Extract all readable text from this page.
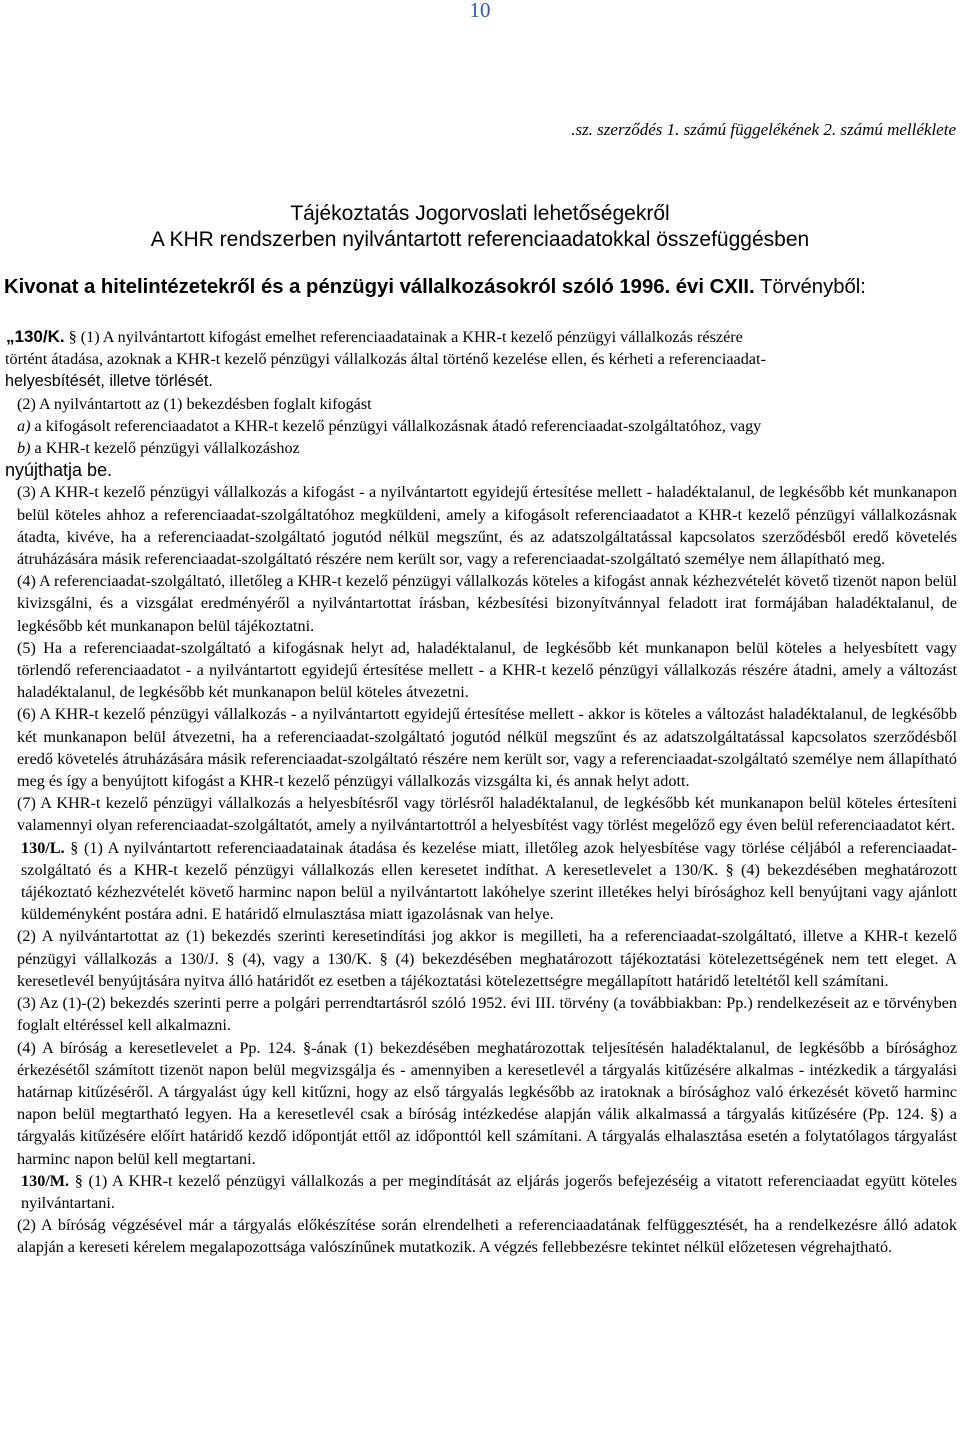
10
.sz. szerződés 1. számú függelékének 2. számú melléklete
Tájékoztatás Jogorvoslati lehetőségekről
A KHR rendszerben nyilvántartott referenciaadatokkal összefüggésben
Kivonat a hitelintézetekről és a pénzügyi vállalkozásokról szóló 1996. évi CXII. Törvényből:

„130/K. § (1) A nyilvántartott kifogást emelhet referenciaadatainak a KHR-t kezelő pénzügyi vállalkozás részére

történt átadása, azoknak a KHR-t kezelő pénzügyi vállalkozás által történő kezelése ellen, és kérheti a referenciaadat-

helyesbítését, illetve törlését.

(2) A nyilvántartott az (1) bekezdésben foglalt kifogást

a) a kifogásolt referenciaadatot a KHR-t kezelő pénzügyi vállalkozásnak átadó referenciaadat-szolgáltatóhoz, vagy

b) a KHR-t kezelő pénzügyi vállalkozáshoz

nyújthatja be.

(3) A KHR-t kezelő pénzügyi vállalkozás a kifogást - a nyilvántartott egyidejű értesítése mellett - haladéktalanul, de legkésőbb két munkanapon belül köteles ahhoz a referenciaadat-szolgáltatóhoz megküldeni, amely a kifogásolt referenciaadatot a KHR-t kezelő pénzügyi vállalkozásnak átadta, kivéve, ha a referenciaadat-szolgáltató jogutód nélkül megszűnt, és az adatszolgáltatással kapcsolatos szerződésből eredő követelés átruházására másik referenciaadat-szolgáltató részére nem került sor, vagy a referenciaadat-szolgáltató személye nem állapítható meg.

(4) A referenciaadat-szolgáltató, illetőleg a KHR-t kezelő pénzügyi vállalkozás köteles a kifogást annak kézhezvételét követő tizenöt napon belül kivizsgálni, és a vizsgálat eredményéről a nyilvántartottat írásban, kézbesítési bizonyítvánnyal feladott irat formájában haladéktalanul, de legkésőbb két munkanapon belül tájékoztatni.

(5) Ha a referenciaadat-szolgáltató a kifogásnak helyt ad, haladéktalanul, de legkésőbb két munkanapon belül köteles a helyesbített vagy törlendő referenciaadatot - a nyilvántartott egyidejű értesítése mellett - a KHR-t kezelő pénzügyi vállalkozás részére átadni, amely a változást haladéktalanul, de legkésőbb két munkanapon belül köteles átvezetni.

(6) A KHR-t kezelő pénzügyi vállalkozás - a nyilvántartott egyidejű értesítése mellett - akkor is köteles a változást haladéktalanul, de legkésőbb két munkanapon belül átvezetni, ha a referenciaadat-szolgáltató jogutód nélkül megszűnt és az adatszolgáltatással kapcsolatos szerződésből eredő követelés átruházására másik referenciaadat-szolgáltató részére nem került sor, vagy a referenciaadat-szolgáltató személye nem állapítható meg és így a benyújtott kifogást a KHR-t kezelő pénzügyi vállalkozás vizsgálta ki, és annak helyt adott.

(7) A KHR-t kezelő pénzügyi vállalkozás a helyesbítésről vagy törlésről haladéktalanul, de legkésőbb két munkanapon belül köteles értesíteni valamennyi olyan referenciaadat-szolgáltatót, amely a nyilvántartottról a helyesbítést vagy törlést megelőző egy éven belül referenciaadatot kért.

130/L. § (1) A nyilvántartott referenciaadatainak átadása és kezelése miatt, illetőleg azok helyesbítése vagy törlése céljából a referenciaadat-szolgáltató és a KHR-t kezelő pénzügyi vállalkozás ellen keresetet indíthat. A keresetlevelet a 130/K. § (4) bekezdésében meghatározott tájékoztató kézhezvételét követő harminc napon belül a nyilvántartott lakóhelye szerint illetékes helyi bírósághoz kell benyújtani vagy ajánlott küldeményként postára adni. E határidő elmulasztása miatt igazolásnak van helye.

(2) A nyilvántartottat az (1) bekezdés szerinti keresetindítási jog akkor is megilleti, ha a referenciaadat-szolgáltató, illetve a KHR-t kezelő pénzügyi vállalkozás a 130/J. § (4), vagy a 130/K. § (4) bekezdésében meghatározott tájékoztatási kötelezettségének nem tett eleget. A keresetlevél benyújtására nyitva álló határidőt ez esetben a tájékoztatási kötelezettségre megállapított határidő leteltétől kell számítani.

(3) Az (1)-(2) bekezdés szerinti perre a polgári perrendtartásról szóló 1952. évi III. törvény (a továbbiakban: Pp.) rendelkezéseit az e törvényben foglalt eltéréssel kell alkalmazni.

(4) A bíróság a keresetlevelet a Pp. 124. §-ának (1) bekezdésében meghatározottak teljesítésén haladéktalanul, de legkésőbb a bírósághoz érkezésétől számított tizenöt napon belül megvizsgálja és - amennyiben a keresetlevél a tárgyalás kitűzésére alkalmas - intézkedik a tárgyalási határnap kitűzéséről. A tárgyalást úgy kell kitűzni, hogy az első tárgyalás legkésőbb az iratoknak a bírósághoz való érkezését követő harminc napon belül megtartható legyen. Ha a keresetlevél csak a bíróság intézkedése alapján válik alkalmassá a tárgyalás kitűzésére (Pp. 124. §) a tárgyalás kitűzésére előírt határidő kezdő időpontját ettől az időponttól kell számítani. A tárgyalás elhalasztása esetén a folytatólagos tárgyalást harminc napon belül kell megtartani.

130/M. § (1) A KHR-t kezelő pénzügyi vállalkozás a per megindítását az eljárás jogerős befejezéséig a vitatott referenciaadat együtt köteles nyilvántartani.

(2) A bíróság végzésével már a tárgyalás előkészítése során elrendelheti a referenciaadatának felfüggesztését, ha a rendelkezésre álló adatok alapján a kereseti kérelem megalapozottsága valószínűnek mutatkozik. A végzés fellebbezésre tekintet nélkül előzetesen végrehajtható.
